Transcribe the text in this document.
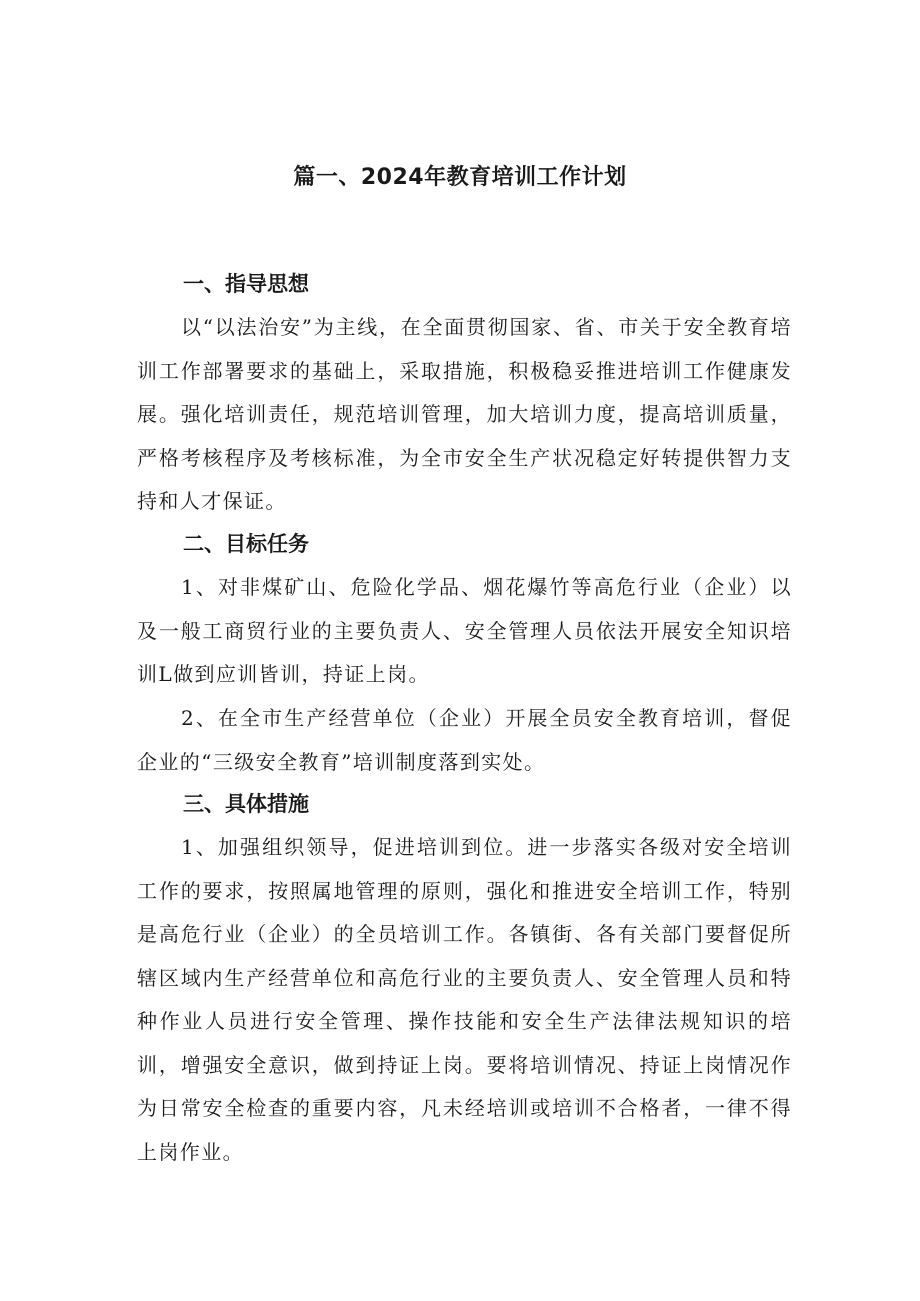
篇一、2024年教育培训工作计划
一、指导思想

以“以法治安”为主线，在全面贯彻国家、省、市关于安全教育培训工作部署要求的基础上，采取措施，积极稳妥推进培训工作健康发展。强化培训责任，规范培训管理，加大培训力度，提高培训质量，严格考核程序及考核标准，为全市安全生产状况稳定好转提供智力支持和人才保证。

二、目标任务

1、对非煤矿山、危险化学品、烟花爆竹等高危行业（企业）以及一般工商贸行业的主要负责人、安全管理人员依法开展安全知识培训L做到应训皆训，持证上岗。

2、在全市生产经营单位（企业）开展全员安全教育培训，督促企业的“三级安全教育”培训制度落到实处。

三、具体措施

1、加强组织领导，促进培训到位。进一步落实各级对安全培训工作的要求，按照属地管理的原则，强化和推进安全培训工作，特别是高危行业（企业）的全员培训工作。各镇街、各有关部门要督促所辖区域内生产经营单位和高危行业的主要负责人、安全管理人员和特种作业人员进行安全管理、操作技能和安全生产法律法规知识的培训，增强安全意识，做到持证上岗。要将培训情况、持证上岗情况作为日常安全检查的重要内容，凡未经培训或培训不合格者，一律不得上岗作业。
